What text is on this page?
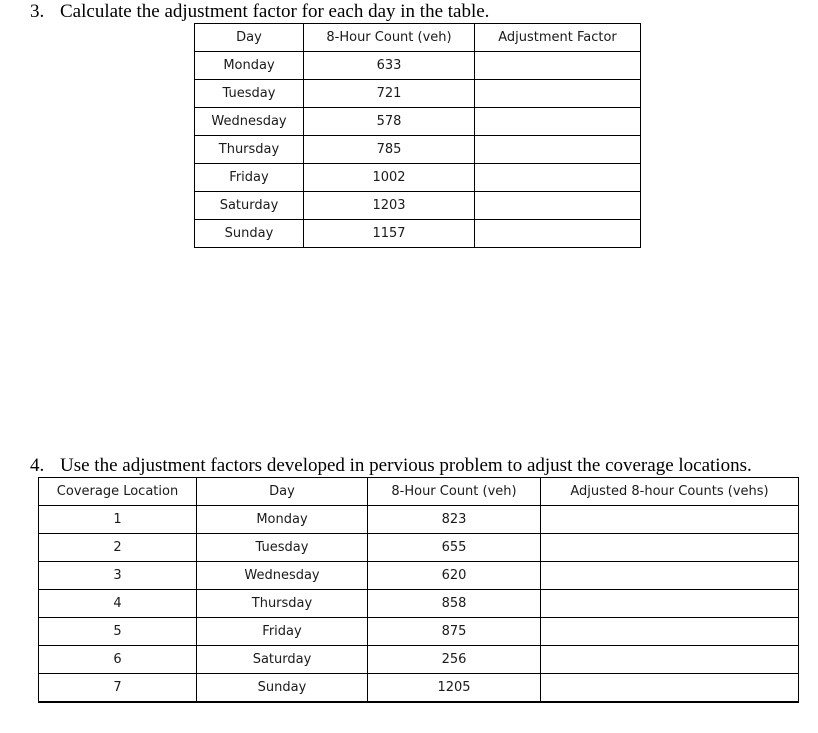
3. Calculate the adjustment factor for each day in the table.

Day	8-Hour Count (veh)	Adjustment Factor
Monday	633	
Tuesday	721	
Wednesday	578	
Thursday	785	
Friday	1002	
Saturday	1203	
Sunday	1157	

4. Use the adjustment factors developed in pervious problem to adjust the coverage locations.

Coverage Location	Day	8-Hour Count (veh)	Adjusted 8-hour Counts (vehs)
1	Monday	823	
2	Tuesday	655	
3	Wednesday	620	
4	Thursday	858	
5	Friday	875	
6	Saturday	256	
7	Sunday	1205	
